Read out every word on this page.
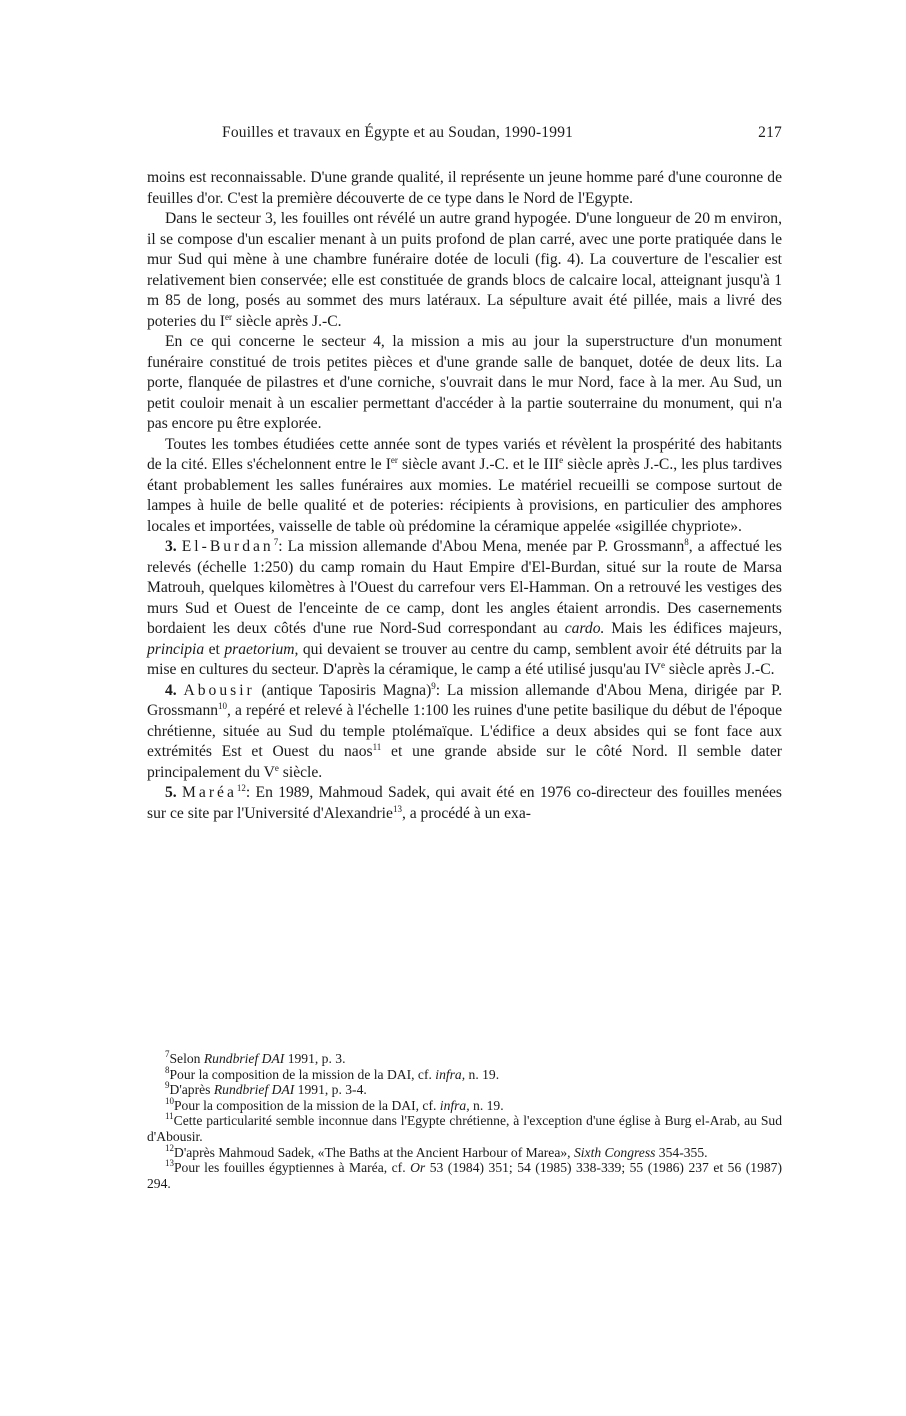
Fouilles et travaux en Égypte et au Soudan, 1990-1991	217

moins est reconnaissable. D'une grande qualité, il représente un jeune homme paré d'une couronne de feuilles d'or. C'est la première découverte de ce type dans le Nord de l'Egypte.

Dans le secteur 3, les fouilles ont révélé un autre grand hypogée. D'une longueur de 20 m environ, il se compose d'un escalier menant à un puits profond de plan carré, avec une porte pratiquée dans le mur Sud qui mène à une chambre funéraire dotée de loculi (fig. 4). La couverture de l'escalier est relativement bien conservée; elle est constituée de grands blocs de calcaire local, atteignant jusqu'à 1 m 85 de long, posés au sommet des murs latéraux. La sépulture avait été pillée, mais a livré des poteries du Ier siècle après J.-C.

En ce qui concerne le secteur 4, la mission a mis au jour la superstructure d'un monument funéraire constitué de trois petites pièces et d'une grande salle de banquet, dotée de deux lits. La porte, flanquée de pilastres et d'une corniche, s'ouvrait dans le mur Nord, face à la mer. Au Sud, un petit couloir menait à un escalier permettant d'accéder à la partie souterraine du monument, qui n'a pas encore pu être explorée.

Toutes les tombes étudiées cette année sont de types variés et révèlent la prospérité des habitants de la cité. Elles s'échelonnent entre le Ier siècle avant J.-C. et le IIIe siècle après J.-C., les plus tardives étant probablement les salles funéraires aux momies. Le matériel recueilli se compose surtout de lampes à huile de belle qualité et de poteries: récipients à provisions, en particulier des amphores locales et importées, vaisselle de table où prédomine la céramique appelée «sigillée chypriote».

3. El-Burdan$^7$: La mission allemande d'Abou Mena, menée par P. Grossmann$^8$, a affectué les relevés (échelle 1:250) du camp romain du Haut Empire d'El-Burdan, situé sur la route de Marsa Matrouh, quelques kilomètres à l'Ouest du carrefour vers El-Hamman. On a retrouvé les vestiges des murs Sud et Ouest de l'enceinte de ce camp, dont les angles étaient arrondis. Des casernements bordaient les deux côtés d'une rue Nord-Sud correspondant au cardo. Mais les édifices majeurs, principia et praetorium, qui devaient se trouver au centre du camp, semblent avoir été détruits par la mise en cultures du secteur. D'après la céramique, le camp a été utilisé jusqu'au IVe siècle après J.-C.

4. Abousir (antique Taposiris Magna)$^9$: La mission allemande d'Abou Mena, dirigée par P. Grossmann$^{10}$, a repéré et relevé à l'échelle 1:100 les ruines d'une petite basilique du début de l'époque chrétienne, située au Sud du temple ptolémaïque. L'édifice a deux absides qui se font face aux extrémités Est et Ouest du naos$^{11}$ et une grande abside sur le côté Nord. Il semble dater principalement du Ve siècle.

5. Maréa$^{12}$: En 1989, Mahmoud Sadek, qui avait été en 1976 co-directeur des fouilles menées sur ce site par l'Université d'Alexandrie$^{13}$, a procédé à un exa-

$^7$Selon Rundbrief DAI 1991, p. 3.

$^8$Pour la composition de la mission de la DAI, cf. infra, n. 19.

$^9$D'après Rundbrief DAI 1991, p. 3-4.

$^{10}$Pour la composition de la mission de la DAI, cf. infra, n. 19.

$^{11}$Cette particularité semble inconnue dans l'Egypte chrétienne, à l'exception d'une église à Burg el-Arab, au Sud d'Abousir.

$^{12}$D'après Mahmoud Sadek, «The Baths at the Ancient Harbour of Marea», Sixth Congress 354-355.

$^{13}$Pour les fouilles égyptiennes à Maréa, cf. Or 53 (1984) 351; 54 (1985) 338-339; 55 (1986) 237 et 56 (1987) 294.
